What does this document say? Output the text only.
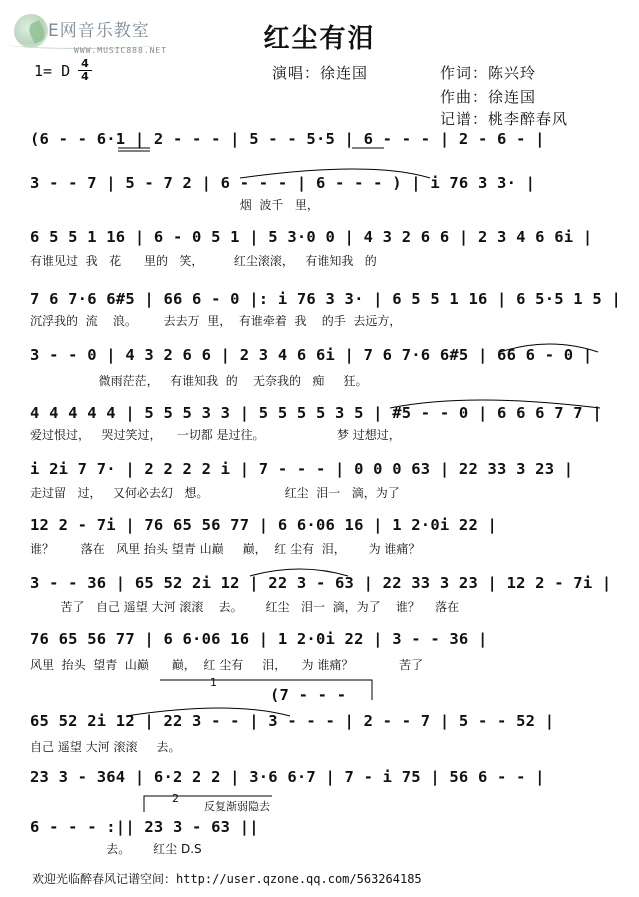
E网音乐教室
WWW.MUSIC888.NET	红尘有泪
演唱：徐连国	作词：陈兴玲
作曲：徐连国
记谱：桃李醉春风
1= D 4
4
(6 - - 6·1 | 2 - - - | 5 - - 5·5 | 6 - - - | 2 - 6 - |
3 - - 7 | 5 - 7 2 | 6 - - - | 6 - - - ) | i 76 3 3· |
烟  波千   里，
6 5 5 1 16 | 6 - 0 5 1 | 5 3·0 0 | 4 3 2 6 6 | 2 3 4 6 6i |
有谁见过  我   花      里的   笑，        红尘滚滚，   有谁知我   的
7 6 7·6 6#5 | 66 6 - 0 |: i 76 3 3· | 6 5 5 1 16 | 6 5·5 1 5 |
沉浮我的  流    浪。       去去万  里，  有谁牵着  我    的手  去远方，
3 - - 0 | 4 3 2 6 6 | 2 3 4 6 6i | 7 6 7·6 6#5 | 66 6 - 0 |
微雨茫茫，   有谁知我  的    无奈我的   痴     狂。
4 4 4 4 4 | 5 5 5 3 3 | 5 5 5 5 3 5 | #5 - - 0 | 6 6 6 7 7 |
爱过恨过，   哭过笑过，    一切都 是过往。                   梦 过想过，
i 2i 7 7· | 2 2 2 2 i | 7 - - - | 0 0 0 63 | 22 33 3 23 |
走过留   过，   又何必去幻   想。                    红尘  泪一   滴，为了
12 2 - 7i | 76 65 56 77 | 6 6·06 16 | 1 2·0i 22 |
谁？       落在   风里 抬头 望青 山巅     巅，  红 尘有  泪，      为 谁痛？
3 - - 36 | 65 52 2i 12 | 22 3 - 63 | 22 33 3 23 | 12 2 - 7i |
苦了   自己 遥望 大河 滚滚    去。      红尘   泪一  滴，为了    谁？    落在
76 65 56 77 | 6 6·06 16 | 1 2·0i 22 | 3 - - 36 |
风里  抬头  望青  山巅      巅，  红 尘有     泪，    为 谁痛？            苦了
1
(7 - - -
65 52 2i 12 | 22 3 - - | 3 - - - | 2 - - 7 | 5 - - 52 |
自己 遥望 大河 滚滚     去。
23 3 - 364 | 6·2 2 2 | 3·6 6·7 | 7 - i 75 | 56 6 - - |
2
反复渐弱隐去
6 - - - :|| 23 3 - 63 ||
去。      红尘 D.S
欢迎光临醉春风记谱空间：http://user.qzone.qq.com/563264185
